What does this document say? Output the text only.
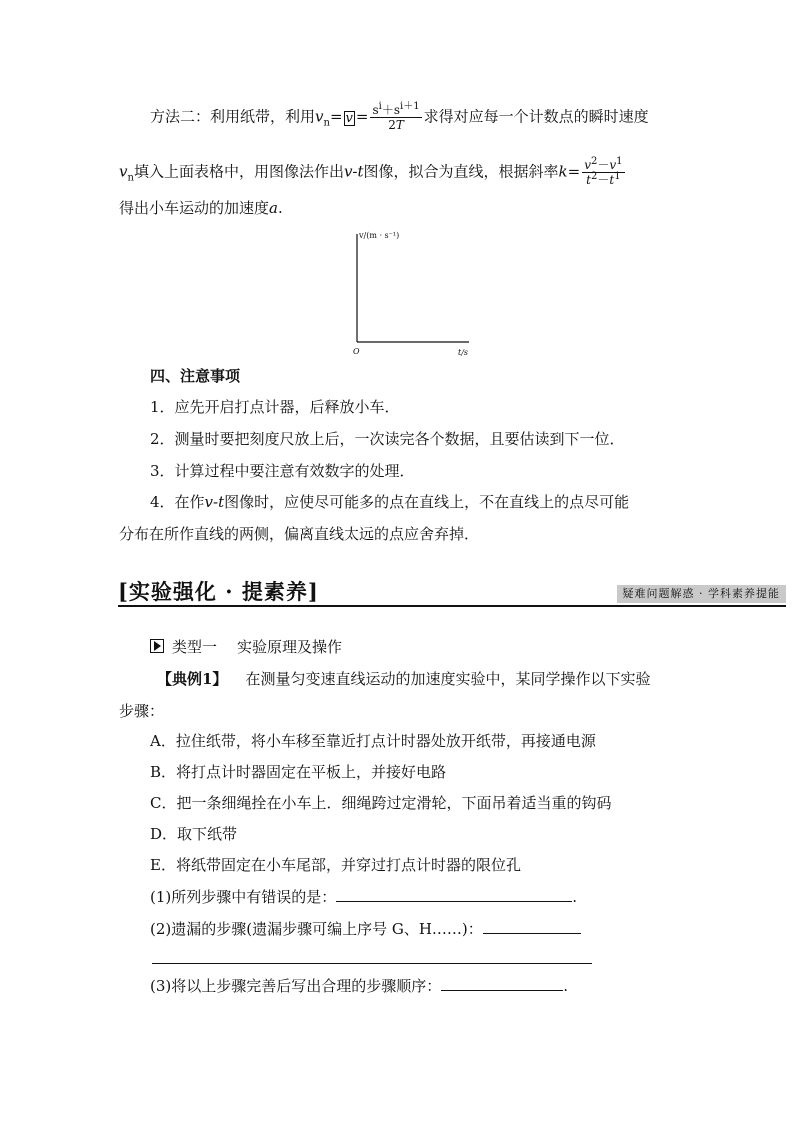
方法二：利用纸带，利用$v_n= v = \frac{s^i+s^{i+1}}{2T}$ 求得对应每一个计数点的瞬时速度
$v_n$填入上面表格中，用图像法作出v-t图像，拟合为直线，根据斜率$k= \frac{v^2-v^1}{t^2-t^1}$
得出小车运动的加速度a.
v/(m · s⁻¹)
t/s
O
四、注意事项
1．应先开启打点计器，后释放小车．
2．测量时要把刻度尺放上后，一次读完各个数据，且要估读到下一位．
3．计算过程中要注意有效数字的处理．
4．在作v-t图像时，应使尽可能多的点在直线上，不在直线上的点尽可能
分布在所作直线的两侧，偏离直线太远的点应舍弃掉．
[实验强化 · 提素养]	疑难问题解惑 · 学科素养提能
类型一 实验原理及操作
【典例1】 在测量匀变速直线运动的加速度实验中，某同学操作以下实验
步骤：
A．拉住纸带，将小车移至靠近打点计时器处放开纸带，再接通电源
B．将打点计时器固定在平板上，并接好电路
C．把一条细绳拴在小车上．细绳跨过定滑轮，下面吊着适当重的钩码
D．取下纸带
E．将纸带固定在小车尾部，并穿过打点计时器的限位孔
(1)所列步骤中有错误的是：	.
(2)遗漏的步骤(遗漏步骤可编上序号 G、H……)：
(3)将以上步骤完善后写出合理的步骤顺序：	.
